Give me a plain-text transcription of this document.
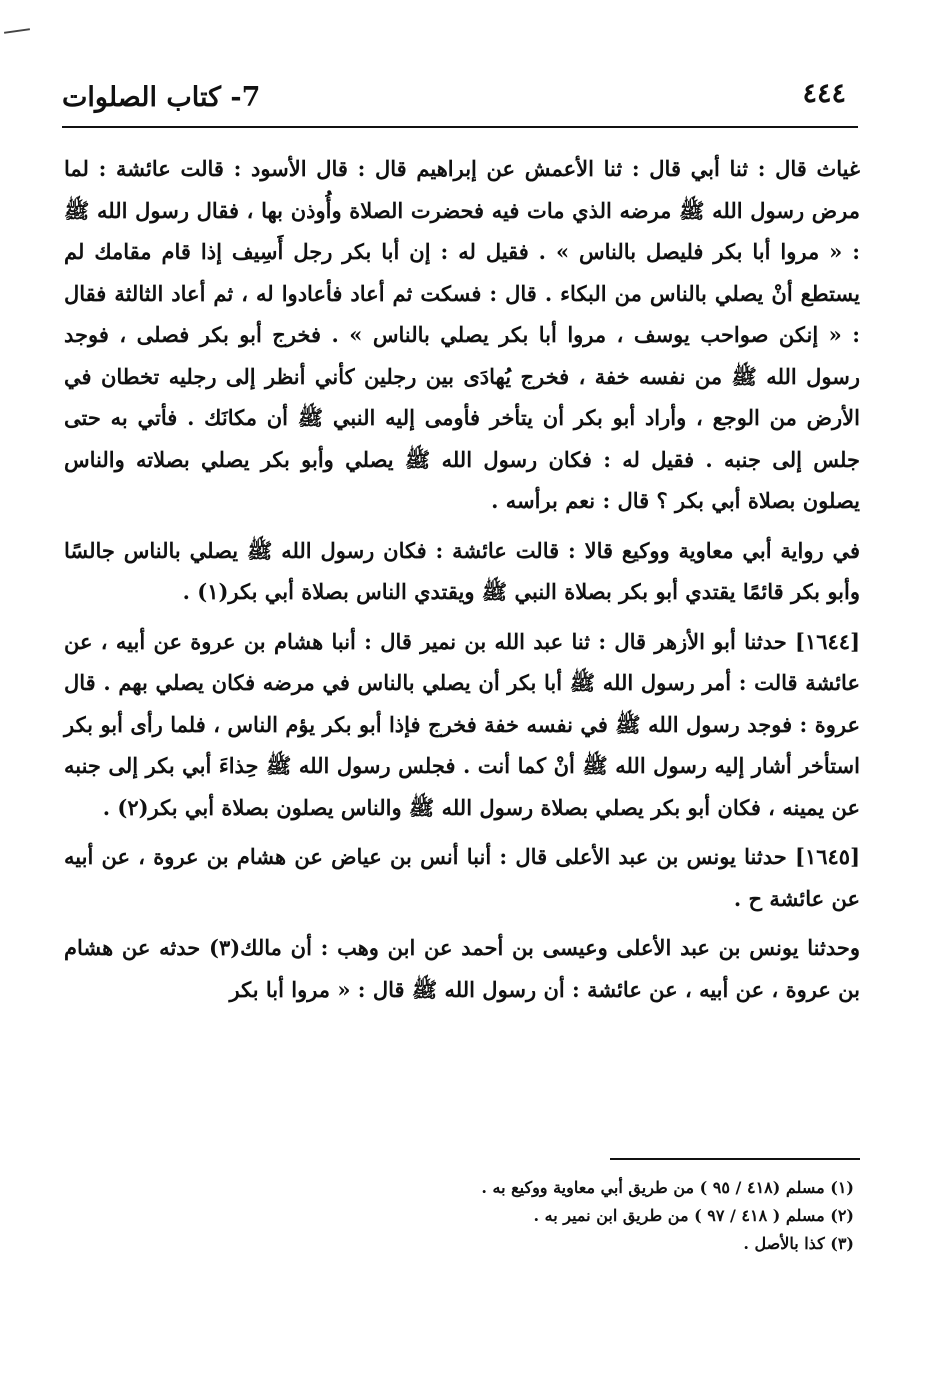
٤٤٤
7- كتاب الصلوات

غياث قال : ثنا أبي قال : ثنا الأعمش عن إبراهيم قال : قال الأسود : قالت عائشة : لما مرض رسول الله ﷺ مرضه الذي مات فيه فحضرت الصلاة وأُوذن بها ، فقال رسول الله ﷺ : « مروا أبا بكر فليصل بالناس » . فقيل له : إن أبا بكر رجل أَسِيف إذا قام مقامك لم يستطع أنْ يصلي بالناس من البكاء . قال : فسكت ثم أعاد فأعادوا له ، ثم أعاد الثالثة فقال : « إنكن صواحب يوسف ، مروا أبا بكر يصلي بالناس » . فخرج أبو بكر فصلى ، فوجد رسول الله ﷺ من نفسه خفة ، فخرج يُهادَى بين رجلين كأني أنظر إلى رجليه تخطان في الأرض من الوجع ، وأراد أبو بكر أن يتأخر فأومى إليه النبي ﷺ أن مكانَك . فأتي به حتى جلس إلى جنبه . فقيل له : فكان رسول الله ﷺ يصلي وأبو بكر يصلي بصلاته والناس يصلون بصلاة أبي بكر ؟ قال : نعم برأسه .

في رواية أبي معاوية ووكيع قالا : قالت عائشة : فكان رسول الله ﷺ يصلي بالناس جالسًا وأبو بكر قائمًا يقتدي أبو بكر بصلاة النبي ﷺ ويقتدي الناس بصلاة أبي بكر(١) .

[١٦٤٤] حدثنا أبو الأزهر قال : ثنا عبد الله بن نمير قال : أنبا هشام بن عروة عن أبيه ، عن عائشة قالت : أمر رسول الله ﷺ أبا بكر أن يصلي بالناس في مرضه فكان يصلي بهم . قال عروة : فوجد رسول الله ﷺ في نفسه خفة فخرج فإذا أبو بكر يؤم الناس ، فلما رأى أبو بكر استأخر أشار إليه رسول الله ﷺ أنْ كما أنت . فجلس رسول الله ﷺ حِذاءَ أبي بكر إلى جنبه عن يمينه ، فكان أبو بكر يصلي بصلاة رسول الله ﷺ والناس يصلون بصلاة أبي بكر(٢) .

[١٦٤٥] حدثنا يونس بن عبد الأعلى قال : أنبا أنس بن عياض عن هشام بن عروة ، عن أبيه عن عائشة ح .

وحدثنا يونس بن عبد الأعلى وعيسى بن أحمد عن ابن وهب : أن مالك(٣) حدثه عن هشام بن عروة ، عن أبيه ، عن عائشة : أن رسول الله ﷺ قال : « مروا أبا بكر

(١) مسلم (٤١٨ / ٩٥ ) من طريق أبي معاوية ووكيع به .

(٢) مسلم ( ٤١٨ / ٩٧ ) من طريق ابن نمير به .

(٣) كذا بالأصل .
